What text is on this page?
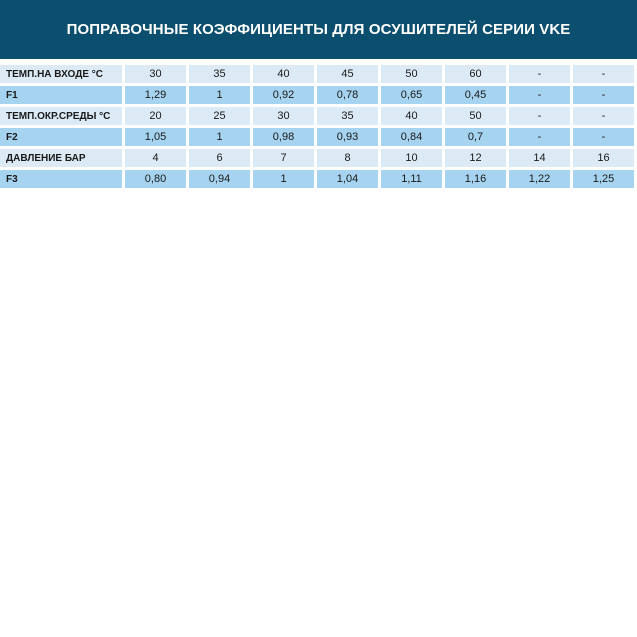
ПОПРАВОЧНЫЕ КОЭФФИЦИЕНТЫ ДЛЯ ОСУШИТЕЛЕЙ СЕРИИ VKE
ТЕМП.НА ВХОДЕ °C	30	35	40	45	50	60	-	-
F1	1,29	1	0,92	0,78	0,65	0,45	-	-
ТЕМП.ОКР.СРЕДЫ °C	20	25	30	35	40	50	-	-
F2	1,05	1	0,98	0,93	0,84	0,7	-	-
ДАВЛЕНИЕ БАР	4	6	7	8	10	12	14	16
F3	0,80	0,94	1	1,04	1,11	1,16	1,22	1,25
